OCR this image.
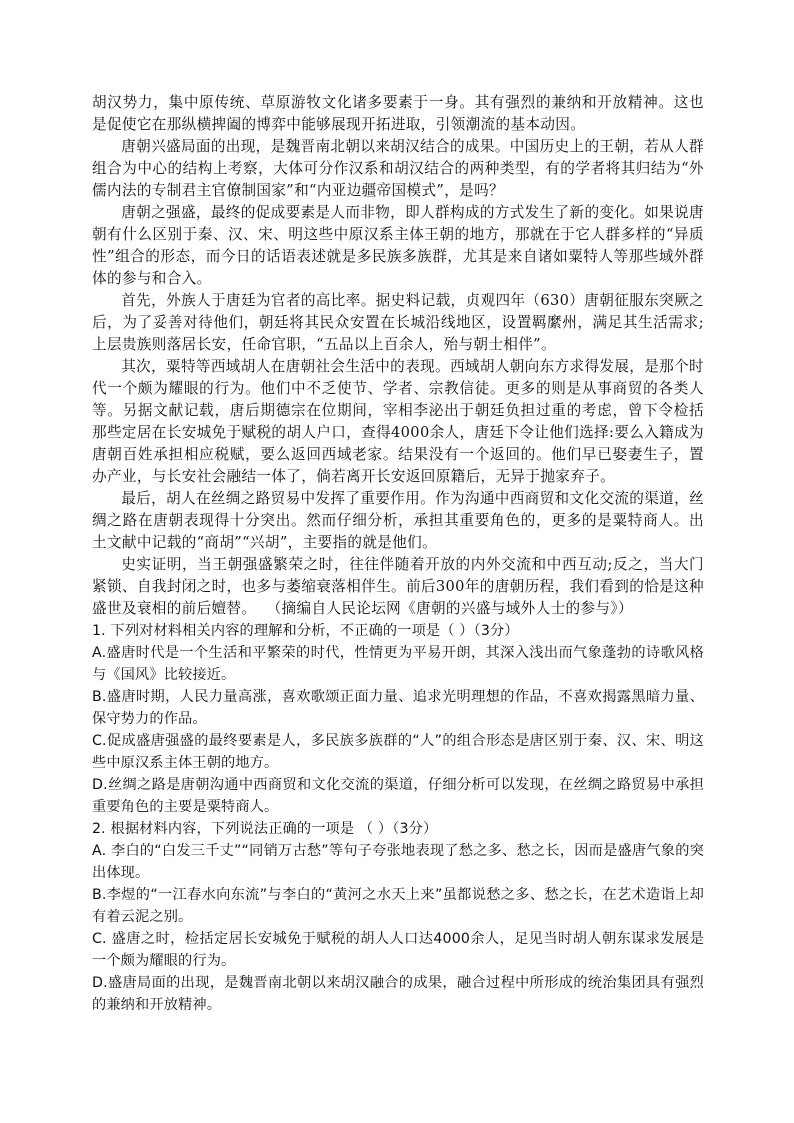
胡汉势力，集中原传统、草原游牧文化诸多要素于一身。其有强烈的兼纳和开放精神。这也是促使它在那纵横捭阖的博弈中能够展现开拓进取，引领潮流的基本动因。

唐朝兴盛局面的出现，是魏晋南北朝以来胡汉结合的成果。中国历史上的王朝，若从人群组合为中心的结构上考察，大体可分作汉系和胡汉结合的两种类型，有的学者将其归结为“外儒内法的专制君主官僚制国家”和“内亚边疆帝国模式”，是吗？

唐朝之强盛，最终的促成要素是人而非物，即人群构成的方式发生了新的变化。如果说唐朝有什么区别于秦、汉、宋、明这些中原汉系主体王朝的地方，那就在于它人群多样的“异质性”组合的形态，而今日的话语表述就是多民族多族群，尤其是来自诸如粟特人等那些域外群体的参与和合入。

首先，外族人于唐廷为官者的高比率。据史料记载，贞观四年（630）唐朝征服东突厥之后，为了妥善对待他们，朝廷将其民众安置在长城沿线地区，设置羁縻州，满足其生活需求;上层贵族则落居长安，任命官职，“五品以上百余人，殆与朝士相伴”。

其次，粟特等西域胡人在唐朝社会生活中的表现。西域胡人朝向东方求得发展，是那个时代一个颇为耀眼的行为。他们中不乏使节、学者、宗教信徒。更多的则是从事商贸的各类人等。另据文献记载，唐后期德宗在位期间，宰相李泌出于朝廷负担过重的考虑，曾下令检括那些定居在长安城免于赋税的胡人户口，查得4000余人，唐廷下令让他们选择:要么入籍成为唐朝百姓承担相应税赋，要么返回西域老家。结果没有一个返回的。他们早已娶妻生子，置办产业，与长安社会融结一体了，倘若离开长安返回原籍后，无异于抛家弃子。

最后，胡人在丝绸之路贸易中发挥了重要作用。作为沟通中西商贸和文化交流的渠道，丝绸之路在唐朝表现得十分突出。然而仔细分析，承担其重要角色的，更多的是粟特商人。出土文献中记载的“商胡”“兴胡”，主要指的就是他们。

史实证明，当王朝强盛繁荣之时，往往伴随着开放的内外交流和中西互动;反之，当大门紧锁、自我封闭之时，也多与萎缩衰落相伴生。前后300年的唐朝历程，我们看到的恰是这种盛世及衰相的前后嬗替。 （摘编自人民论坛网《唐朝的兴盛与域外人士的参与》）

1. 下列对材料相关内容的理解和分析，不正确的一项是（ ）（3分）

A.盛唐时代是一个生活和平繁荣的时代，性情更为平易开朗，其深入浅出而气象蓬勃的诗歌风格与《国风》比较接近。

B.盛唐时期，人民力量高涨，喜欢歌颂正面力量、追求光明理想的作品，不喜欢揭露黑暗力量、保守势力的作品。

C.促成盛唐强盛的最终要素是人，多民族多族群的“人”的组合形态是唐区别于秦、汉、宋、明这些中原汉系主体王朝的地方。

D.丝绸之路是唐朝沟通中西商贸和文化交流的渠道，仔细分析可以发现，在丝绸之路贸易中承担重要角色的主要是粟特商人。

2. 根据材料内容，下列说法正确的一项是 （ ）（3分）

A. 李白的“白发三千丈”“同销万古愁”等句子夸张地表现了愁之多、愁之长，因而是盛唐气象的突出体现。

B.李煜的“一江春水向东流”与李白的“黄河之水天上来”虽都说愁之多、愁之长，在艺术造诣上却有着云泥之别。

C. 盛唐之时，检括定居长安城免于赋税的胡人人口达4000余人，足见当时胡人朝东谋求发展是一个颇为耀眼的行为。

D.盛唐局面的出现，是魏晋南北朝以来胡汉融合的成果，融合过程中所形成的统治集团具有强烈的兼纳和开放精神。
